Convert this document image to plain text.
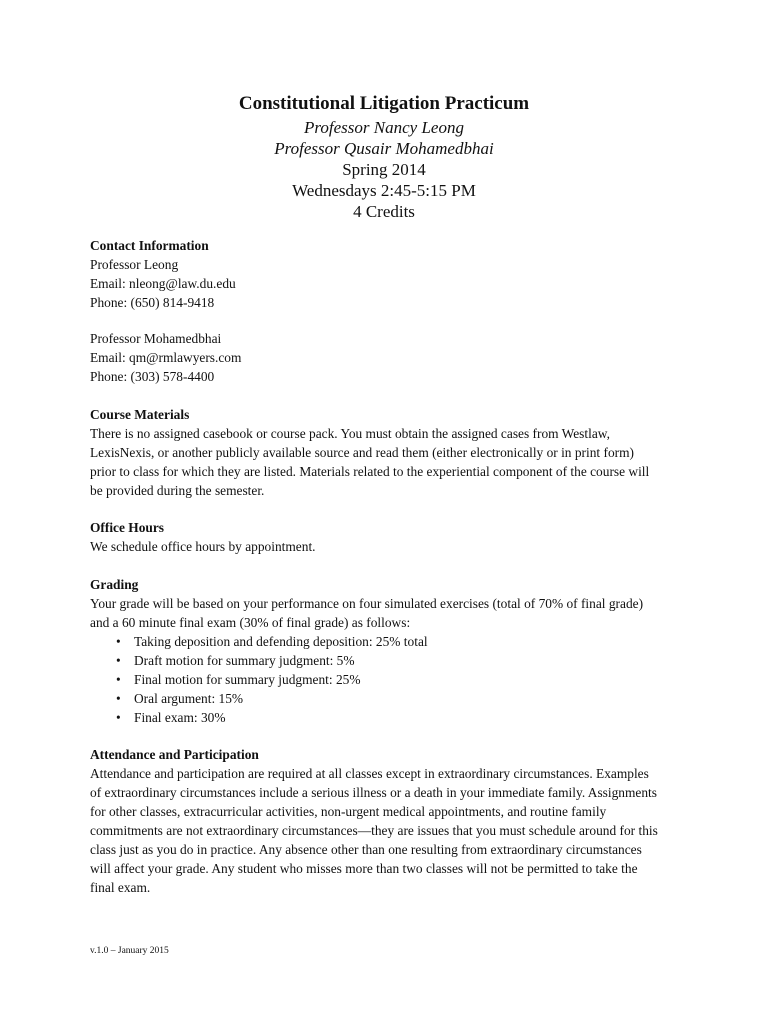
Constitutional Litigation Practicum
Professor Nancy Leong
Professor Qusair Mohamedbhai
Spring 2014
Wednesdays 2:45-5:15 PM
4 Credits
Contact Information
Professor Leong
Email: nleong@law.du.edu
Phone: (650) 814-9418
Professor Mohamedbhai
Email: qm@rmlawyers.com
Phone: (303) 578-4400
Course Materials
There is no assigned casebook or course pack. You must obtain the assigned cases from Westlaw,
LexisNexis, or another publicly available source and read them (either electronically or in print form)
prior to class for which they are listed. Materials related to the experiential component of the course will
be provided during the semester.
Office Hours
We schedule office hours by appointment.
Grading
Your grade will be based on your performance on four simulated exercises (total of 70% of final grade)
and a 60 minute final exam (30% of final grade) as follows:
• Taking deposition and defending deposition: 25% total
• Draft motion for summary judgment: 5%
• Final motion for summary judgment: 25%
• Oral argument: 15%
• Final exam: 30%
Attendance and Participation
Attendance and participation are required at all classes except in extraordinary circumstances. Examples
of extraordinary circumstances include a serious illness or a death in your immediate family. Assignments
for other classes, extracurricular activities, non-urgent medical appointments, and routine family
commitments are not extraordinary circumstances—they are issues that you must schedule around for this
class just as you do in practice. Any absence other than one resulting from extraordinary circumstances
will affect your grade. Any student who misses more than two classes will not be permitted to take the
final exam.
v.1.0 – January 2015
